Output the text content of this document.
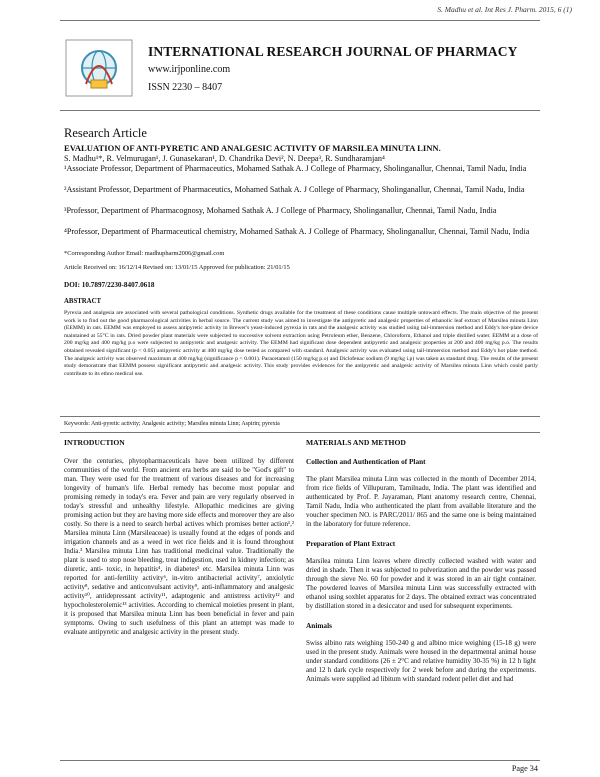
S. Madhu et al. Int Res J. Pharm. 2015, 6 (1)
INTERNATIONAL RESEARCH JOURNAL OF PHARMACY
www.irjponline.com
ISSN 2230 – 8407
Research Article
EVALUATION OF ANTI-PYRETIC AND ANALGESIC ACTIVITY OF MARSILEA MINUTA LINN.
S. Madhu¹*, R. Velmurugan¹, J. Gunasekaran¹, D. Chandrika Devi², N. Deepa³, R. Sundharamjan⁴
¹Associate Professor, Department of Pharmaceutics, Mohamed Sathak A. J College of Pharmacy, Sholinganallur, Chennai, Tamil Nadu, India
²Assistant Professor, Department of Pharmaceutics, Mohamed Sathak A. J College of Pharmacy, Sholinganallur, Chennai, Tamil Nadu, India
³Professor, Department of Pharmacognosy, Mohamed Sathak A. J College of Pharmacy, Sholinganallur, Chennai, Tamil Nadu, India
⁴Professor, Department of Pharmaceutical chemistry, Mohamed Sathak A. J College of Pharmacy, Sholinganallur, Chennai, Tamil Nadu, India
*Corresponding Author Email: madhupharm2006@gmail.com
Article Received on: 16/12/14 Revised on: 13/01/15 Approved for publication: 21/01/15
DOI: 10.7897/2230-8407.0618
ABSTRACT
Pyrexia and analgesia are associated with several pathological conditions. Synthetic drugs available for the treatment of these conditions cause multiple untoward effects. The main objective of the present work is to find out the good pharmacological activities in herbal source. The current study was aimed to investigate the antipyretic and analgesic properties of ethanolic leaf extract of Marsilea minuta Linn (EEMM) in rats. EEMM was employed to assess antipyretic activity in Brewer's yeast-induced pyrexia in rats and the analgesic activity was studied using tail-immersion method and Eddy's hot-plate device maintained at 55°C in rats. Dried powder plant materials were subjected to successive solvent extraction using Petroleum ether, Benzene, Chloroform, Ethanol and triple distilled water. EEMM at a dose of 200 mg/kg and 400 mg/kg p.o were subjected to antipyretic and analgesic activity. The EEMM had significant dose dependent antipyretic and analgesic properties at 200 and 400 mg/kg p.o. The results obtained revealed significant (p < 0.05) antipyretic activity at 400 mg/kg dose tested as compared with standard. Analgesic activity was evaluated using tail-immersion method and Eddy's hot plate method. The analgesic activity was observed maximum at 400 mg/kg (significance p < 0.001). Paracetamol (150 mg/kg p.o) and Diclofenac sodium (9 mg/kg i.p) was taken as standard drug. The results of the present study demonstrate that EEMM possess significant antipyretic and analgesic activity. This study provides evidences for the antipyretic and analgesic activity of Marsilea minuta Linn which could partly contribute to its ethno medical use.
Keywords: Anti-pyretic activity; Analgesic activity; Marsilea minuta Linn; Aspirin; pyrexia
INTRODUCTION

Over the centuries, phytopharmaceuticals have been utilized by different communities of the world. From ancient era herbs are said to be "God's gift" to man. They were used for the treatment of various diseases and for increasing longevity of human's life. Herbal remedy has become most popular and promising remedy in today's era. Fever and pain are very regularly observed in today's stressful and unhealthy lifestyle. Allopathic medicines are giving promising action but they are having more side effects and moreover they are also costly. So there is a need to search herbal actives which promises better action¹,² Marsilea minuta Linn (Marsileaceae) is usually found at the edges of ponds and irrigation channels and as a weed in wet rice fields and it is found throughout India.³ Marsilea minuta Linn has traditional medicinal value. Traditionally the plant is used to stop nose bleeding, treat indigestion, used in kidney infection; as diuretic, anti- toxic, in hepatitis⁴, in diabetes⁵ etc. Marsilea minuta Linn was reported for anti-fertility activity⁶, in-vitro antibacterial activity⁷, anxiolytic activity⁸, sedative and anticonvulsant activity⁹, anti-inflammatory and analgesic activity¹⁰, antidepressant activity¹¹, adaptogenic and antistress activity¹² and hypocholesterolemic¹³ activities. According to chemical moieties present in plant, it is proposed that Marsilea minuta Linn has been beneficial in fever and pain symptoms. Owing to such usefulness of this plant an attempt was made to evaluate antipyretic and analgesic activity in the present study.

MATERIALS AND METHOD
Collection and Authentication of Plant

The plant Marsilea minuta Linn was collected in the month of December 2014, from rice fields of Villupuram, Tamilnadu, India. The plant was identified and authenticated by Prof. P. Jayaraman, Plant anatomy research centre, Chennai, Tamil Nadu, India who authenticated the plant from available literature and the voucher specimen NO. is PARC/2011/ 865 and the same one is being maintained in the laboratory for future reference.

Preparation of Plant Extract

Marsilea minuta Linn leaves where directly collected washed with water and dried in shade. Then it was subjected to pulverization and the powder was passed through the sieve No. 60 for powder and it was stored in an air tight container. The powdered leaves of Marsilea minuta Linn was successfully extracted with ethanol using soxhlet apparatus for 2 days. The obtained extract was concentrated by distillation stored in a desiccator and used for subsequent experiments.

Animals

Swiss albino rats weighing 150-240 g and albino mice weighing (15-18 g) were used in the present study. Animals were housed in the departmental animal house under standard conditions (26 ± 2°C and relative humidity 30-35 %) in 12 h light and 12 h dark cycle respectively for 2 week before and during the experiments. Animals were supplied ad libitum with standard rodent pellet diet and had

Page 34
